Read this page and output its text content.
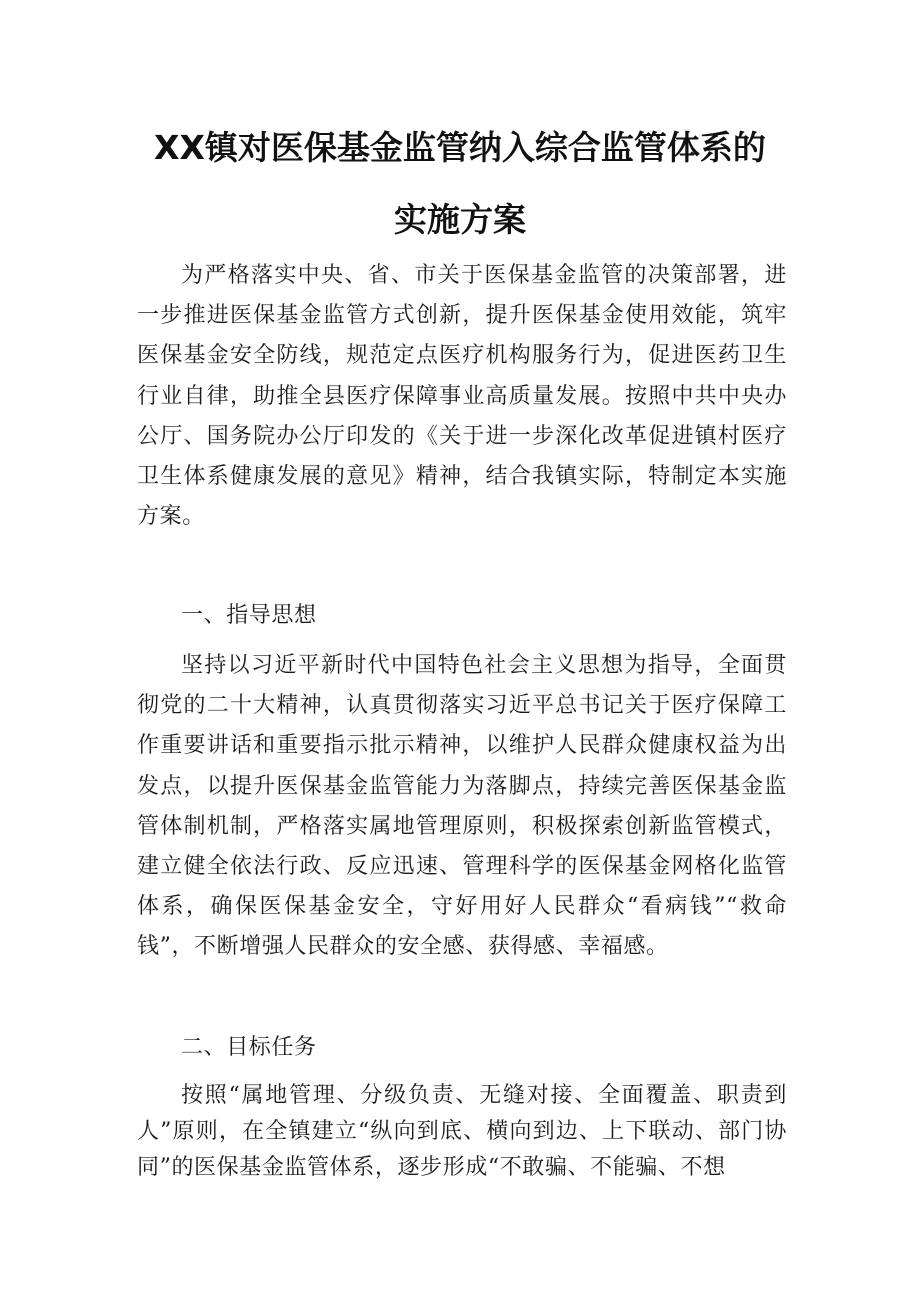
XX镇对医保基金监管纳入综合监管体系的
实施方案

为严格落实中央、省、市关于医保基金监管的决策部署，进一步推进医保基金监管方式创新，提升医保基金使用效能，筑牢医保基金安全防线，规范定点医疗机构服务行为，促进医药卫生行业自律，助推全县医疗保障事业高质量发展。按照中共中央办公厅、国务院办公厅印发的《关于进一步深化改革促进镇村医疗卫生体系健康发展的意见》精神，结合我镇实际，特制定本实施方案。

一、指导思想

坚持以习近平新时代中国特色社会主义思想为指导，全面贯彻党的二十大精神，认真贯彻落实习近平总书记关于医疗保障工作重要讲话和重要指示批示精神，以维护人民群众健康权益为出发点，以提升医保基金监管能力为落脚点，持续完善医保基金监管体制机制，严格落实属地管理原则，积极探索创新监管模式，建立健全依法行政、反应迅速、管理科学的医保基金网格化监管体系，确保医保基金安全，守好用好人民群众“看病钱”“救命钱”，不断增强人民群众的安全感、获得感、幸福感。

二、目标任务

按照“属地管理、分级负责、无缝对接、全面覆盖、职责到人”原则，在全镇建立“纵向到底、横向到边、上下联动、部门协同”的医保基金监管体系，逐步形成“不敢骗、不能骗、不想
